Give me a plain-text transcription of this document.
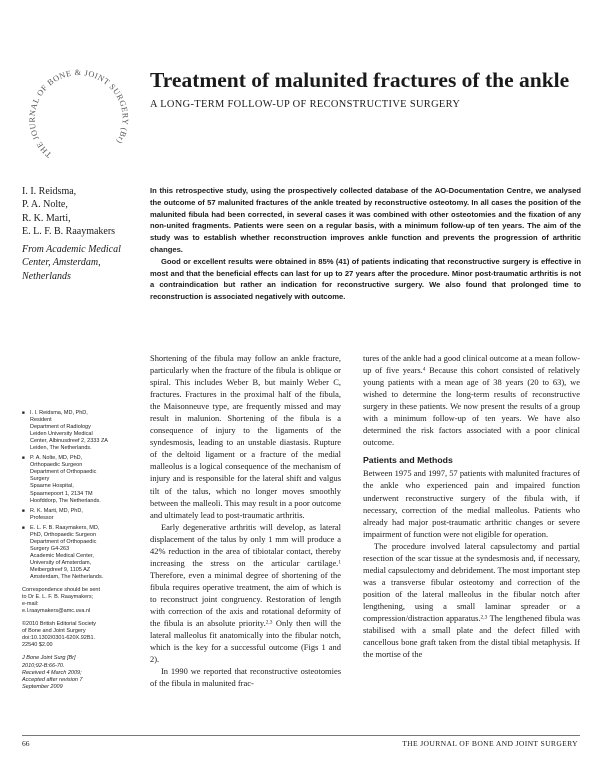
THE JOURNAL OF BONE & JOINT SURGERY (Br)
Treatment of malunited fractures of the ankle
A LONG-TERM FOLLOW-UP OF RECONSTRUCTIVE SURGERY
I. I. Reidsma,
P. A. Nolte,
R. K. Marti,
E. L. F. B. Raaymakers
From Academic Medical Center, Amsterdam, Netherlands

In this retrospective study, using the prospectively collected database of the AO-Documentation Centre, we analysed the outcome of 57 malunited fractures of the ankle treated by reconstructive osteotomy. In all cases the position of the malunited fibula had been corrected, in several cases it was combined with other osteotomies and the fixation of any non-united fragments. Patients were seen on a regular basis, with a minimum follow-up of ten years. The aim of the study was to establish whether reconstruction improves ankle function and prevents the progression of arthritic changes.

Good or excellent results were obtained in 85% (41) of patients indicating that reconstructive surgery is effective in most and that the beneficial effects can last for up to 27 years after the procedure. Minor post-traumatic arthritis is not a contraindication but rather an indication for reconstructive surgery. We also found that prolonged time to reconstruction is associated negatively with outcome.

Shortening of the fibula may follow an ankle fracture, particularly when the fracture of the fibula is oblique or spiral. This includes Weber B, but mainly Weber C, fractures. Fractures in the proximal half of the fibula, the Maisonneuve type, are frequently missed and may result in malunion. Shortening of the fibula is a consequence of injury to the ligaments of the syndesmosis, leading to an unstable diastasis. Rupture of the deltoid ligament or a fracture of the medial malleolus is a logical consequence of the mechanism of injury and is responsible for the lateral shift and valgus tilt of the talus, which no longer moves smoothly between the malleoli. This may result in a poor outcome and ultimately lead to post-traumatic arthritis.

Early degenerative arthritis will develop, as lateral displacement of the talus by only 1 mm will produce a 42% reduction in the area of tibiotalar contact, thereby increasing the stress on the articular cartilage.$^1$ Therefore, even a minimal degree of shortening of the fibula requires operative treatment, the aim of which is to reconstruct joint congruency. Restoration of length with correction of the axis and rotational deformity of the fibula is an absolute priority.$^{2,3}$ Only then will the lateral malleolus fit anatomically into the fibular notch, which is the key for a successful outcome (Figs 1 and 2).

In 1990 we reported that reconstructive osteotomies of the fibula in malunited frac-

tures of the ankle had a good clinical outcome at a mean follow-up of five years.$^4$ Because this cohort consisted of relatively young patients with a mean age of 38 years (20 to 63), we wished to determine the long-term results of reconstructive surgery in these patients. We now present the results of a group with a minimum follow-up of ten years. We have also determined the risk factors associated with a poor clinical outcome.

Patients and Methods

Between 1975 and 1997, 57 patients with malunited fractures of the ankle who experienced pain and impaired function underwent reconstructive surgery of the fibula with, if necessary, correction of the medial malleolus. Patients who already had major post-traumatic arthritic changes or severe impairment of function were not eligible for operation.

The procedure involved lateral capsulectomy and partial resection of the scar tissue at the syndesmosis and, if necessary, medial capsulectomy and debridement. The most important step was a transverse fibular osteotomy and correction of the position of the lateral malleolus in the fibular notch after lengthening, using a small laminar spreader or a compression/distraction apparatus.$^{2,3}$ The lengthened fibula was stabilised with a small plate and the defect filled with cancellous bone graft taken from the distal tibial metaphysis. If the mortise of the

■ I. I. Reidsma, MD, PhD,
Resident
Department of Radiology
Leiden University Medical
Center, Albinusdreef 2, 2333 ZA
Leiden, The Netherlands.
■ P. A. Nolte, MD, PhD,
Orthopaedic Surgeon
Department of Orthopaedic
Surgery
Spaarne Hospital,
Spaarnepoort 1, 2134 TM
Hoofddorp, The Netherlands.
■ R. K. Marti, MD, PhD,
Professor
■ E. L. F. B. Raaymakers, MD,
PhD, Orthopaedic Surgeon
Department of Orthopaedic
Surgery G4-263
Academic Medical Center,
University of Amsterdam,
Meibergdreef 9, 1105 AZ
Amsterdam, The Netherlands.
Correspondence should be sent
to Dr E. L. F. B. Raaymakers;
e-mail:
e.l.raaymakers@amc.uva.nl
©2010 British Editorial Society
of Bone and Joint Surgery
doi:10.1302/0301-620X.92B1.
22540 $2.00
J Bone Joint Surg [Br]
2010;92-B:66-70.
Received 4 March 2009;
Accepted after revision 7
September 2009
66	THE JOURNAL OF BONE AND JOINT SURGERY
